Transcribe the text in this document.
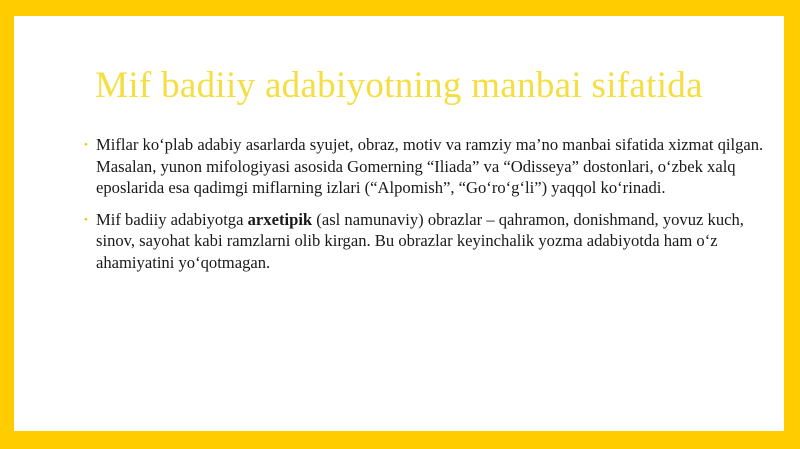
Mif badiiy adabiyotning manbai sifatida
• Miflar ko‘plab adabiy asarlarda syujet, obraz, motiv va ramziy ma’no manbai sifatida xizmat qilgan. Masalan, yunon mifologiyasi asosida Gomerning “Iliada” va “Odisseya” dostonlari, o‘zbek xalq eposlarida esa qadimgi miflarning izlari (“Alpomish”, “Go‘ro‘g‘li”) yaqqol ko‘rinadi.
• Mif badiiy adabiyotga arxetipik (asl namunaviy) obrazlar – qahramon, donishmand, yovuz kuch, sinov, sayohat kabi ramzlarni olib kirgan. Bu obrazlar keyinchalik yozma adabiyotda ham o‘z ahamiyatini yo‘qotmagan.
